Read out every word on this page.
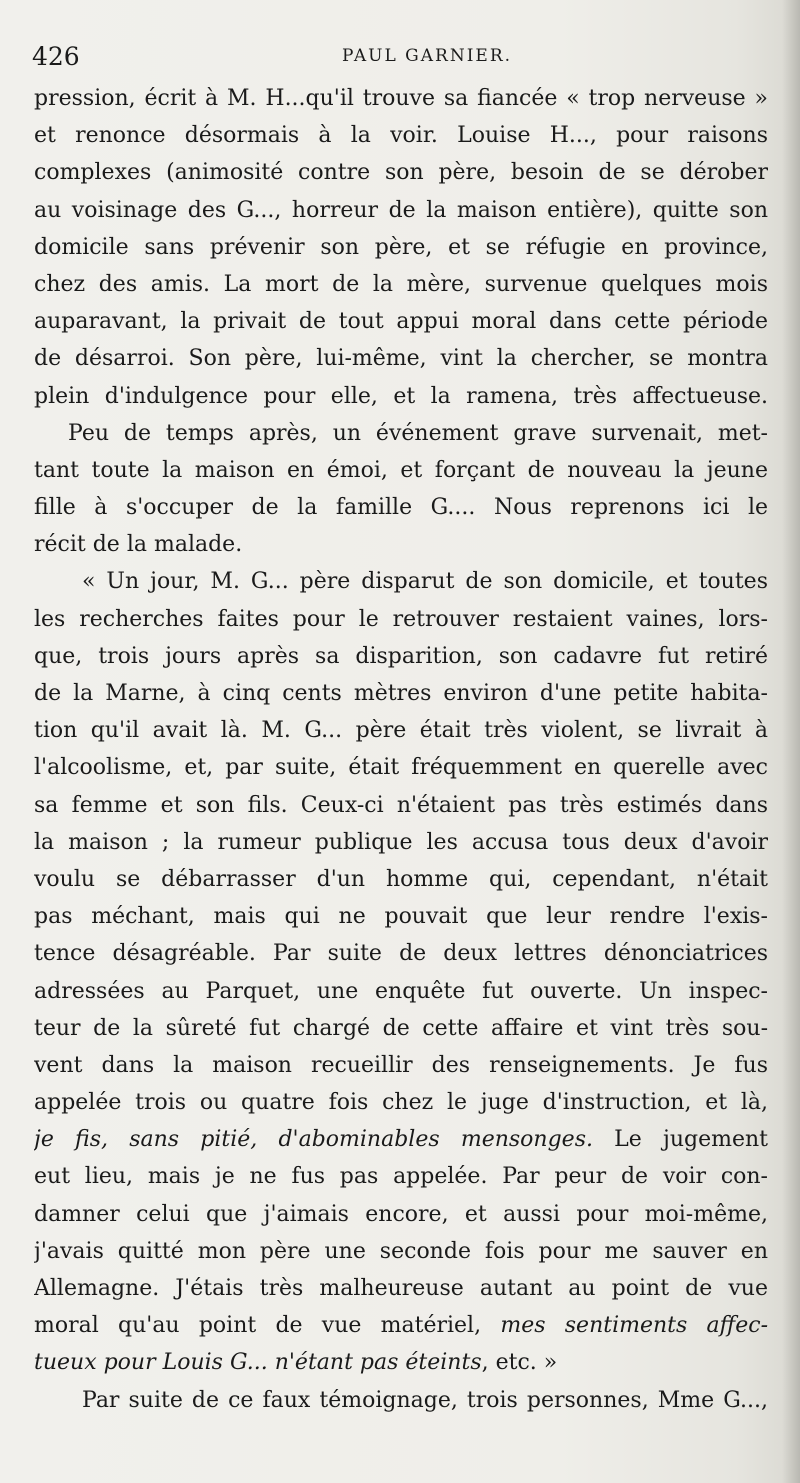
426	PAUL GARNIER.
pression, écrit à M. H...qu'il trouve sa fiancée « trop nerveuse »
et renonce désormais à la voir. Louise H..., pour raisons
complexes (animosité contre son père, besoin de se dérober
au voisinage des G..., horreur de la maison entière), quitte son
domicile sans prévenir son père, et se réfugie en province,
chez des amis. La mort de la mère, survenue quelques mois
auparavant, la privait de tout appui moral dans cette période
de désarroi. Son père, lui-même, vint la chercher, se montra
plein d'indulgence pour elle, et la ramena, très affectueuse.
Peu de temps après, un événement grave survenait, met-
tant toute la maison en émoi, et forçant de nouveau la jeune
fille à s'occuper de la famille G.... Nous reprenons ici le
récit de la malade.
« Un jour, M. G... père disparut de son domicile, et toutes
les recherches faites pour le retrouver restaient vaines, lors-
que, trois jours après sa disparition, son cadavre fut retiré
de la Marne, à cinq cents mètres environ d'une petite habita-
tion qu'il avait là. M. G... père était très violent, se livrait à
l'alcoolisme, et, par suite, était fréquemment en querelle avec
sa femme et son fils. Ceux-ci n'étaient pas très estimés dans
la maison ; la rumeur publique les accusa tous deux d'avoir
voulu se débarrasser d'un homme qui, cependant, n'était
pas méchant, mais qui ne pouvait que leur rendre l'exis-
tence désagréable. Par suite de deux lettres dénonciatrices
adressées au Parquet, une enquête fut ouverte. Un inspec-
teur de la sûreté fut chargé de cette affaire et vint très sou-
vent dans la maison recueillir des renseignements. Je fus
appelée trois ou quatre fois chez le juge d'instruction, et là,
je fis, sans pitié, d'abominables mensonges. Le jugement
eut lieu, mais je ne fus pas appelée. Par peur de voir con-
damner celui que j'aimais encore, et aussi pour moi-même,
j'avais quitté mon père une seconde fois pour me sauver en
Allemagne. J'étais très malheureuse autant au point de vue
moral qu'au point de vue matériel, mes sentiments affec-
tueux pour Louis G... n'étant pas éteints, etc. »
Par suite de ce faux témoignage, trois personnes, Mme G...,
